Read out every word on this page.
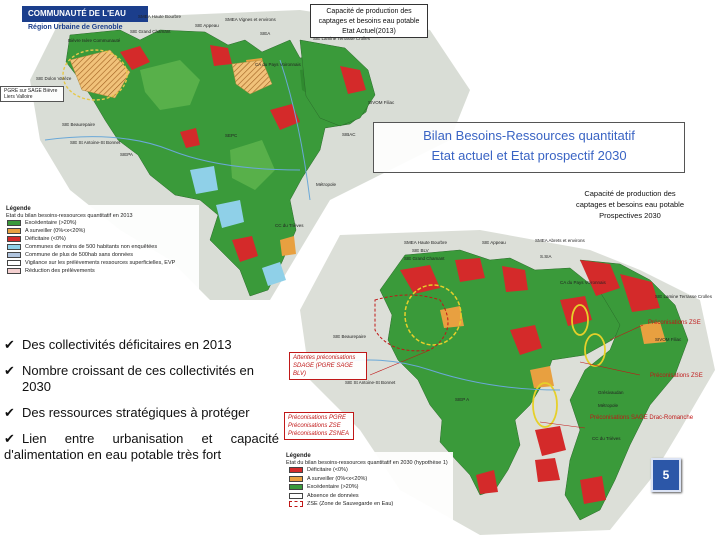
COMMUNAUTÉ DE L'EAU
Région Urbaine de Grenoble
Capacité de production des
captages et besoins eau potable
Etat Actuel(2013)
Bilan Besoins-Ressources quantitatif
Etat actuel et Etat prospectif 2030
Capacité de production des
captages et besoins eau potable
Prospectives 2030
Légende
Etat du bilan besoins-ressources quantitatif en 2013
Excédentaire (>20%)
A surveiller (0%<x<20%)
Déficitaire (<0%)
Communes de moins de 500 habitants non enquêtées
Commune de plus de 500hab sans données
Vigilance sur les prélèvements ressources superficielles, EVP
Réduction des prélèvements
SMEA Haute Bourbre
SIE Appeau
SIE Grand Chamant
SMEA Vignes et environs
SIEA
Bièvre Isère Communauté
SIE Dolon Varèze
SIE Beaurepaire
SIE St Antoine-St Bonnet
SIEPA
SIE Lamine Terrasse Crolles
CA du Pays Voironnais
SIVOM Filiac
Métropole
CC du Trièves
SEPC	SIBAC
PGRE sur SAGE Bièvre Liers Valloire
SMEA Haute Bourbre	SIE Appeau	SMEA Abrets et environs
SIE Grand Chamant
SIE BLV
S.SIA
CA du Pays Voironnais
SIE Lamine Terrasse Crolles
SIE Beaurepaire
SIE St Antoine-St Bonnet
SIEP A
Métropole
CC du Trièves
SIVOM Filiac
Grésivaudan
Attentes préconisations SDAGE (PGRE SAGE BLV)
Préconisations ZSE
Préconisations ZSE
Préconisations PGRE
Préconisations ZSE
Préconisations ZSNEA
Préconisations SAGE Drac-Romanche
Légende
Etat du bilan besoins-ressources quantitatif en 2030 (hypothèse 1)
Déficitaire (<0%)
A surveiller (0%<x<20%)
Excédentaire (>20%)
Absence de données
ZSE (Zone de Sauvegarde en Eau)
✔ Des collectivités déficitaires en 2013
✔ Nombre croissant de ces collectivités en 2030
✔ Des ressources stratégiques à protéger
✔ Lien entre urbanisation et capacité d'alimentation en eau potable très fort
5
